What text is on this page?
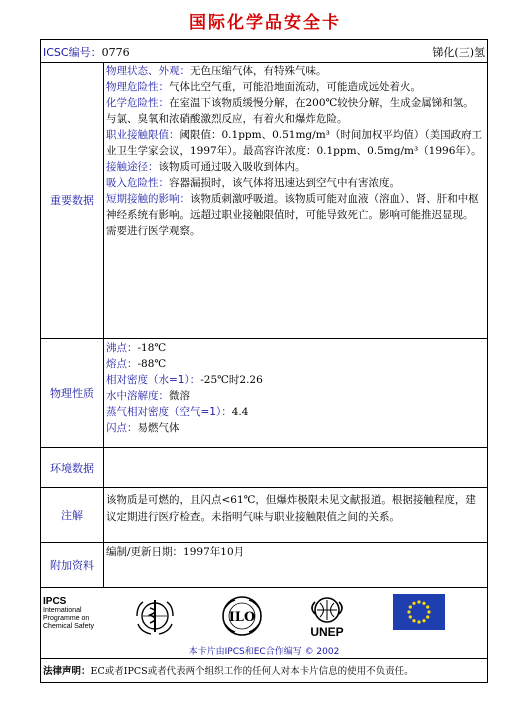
国际化学品安全卡
ICSC编号：0776	锑化(三)氢
重要数据

物理状态、外观：无色压缩气体，有特殊气味。

物理危险性：气体比空气重，可能沿地面流动，可能造成远处着火。

化学危险性：在室温下该物质缓慢分解，在200℃较快分解，生成金属锑和氢。与氯、臭氧和浓硝酸激烈反应，有着火和爆炸危险。

职业接触限值：阈限值：0.1ppm、0.51mg/m³（时间加权平均值）（美国政府工业卫生学家会议，1997年）。最高容许浓度：0.1ppm、0.5mg/m³（1996年）。

接触途径：该物质可通过吸入吸收到体内。

吸入危险性：容器漏损时，该气体将迅速达到空气中有害浓度。

短期接触的影响：该物质刺激呼吸道。该物质可能对血液（溶血）、肾、肝和中枢神经系统有影响。远超过职业接触限值时，可能导致死亡。影响可能推迟显现。需要进行医学观察。

物理性质

沸点：-18℃

熔点：-88℃

相对密度（水=1）：-25℃时2.26

水中溶解度：微溶

蒸气相对密度（空气=1）：4.4

闪点：易燃气体

环境数据
注解
该物质是可燃的，且闪点<61℃，但爆炸极限未见文献报道。根据接触程度，建议定期进行医疗检查。未指明气味与职业接触限值之间的关系。
附加资料
编制/更新日期：1997年10月
IPCS
International
Programme on
Chemical Safety
ILO
UNEP
本卡片由IPCS和EC合作编写 © 2002
法律声明：EC或者IPCS或者代表两个组织工作的任何人对本卡片信息的使用不负责任。
